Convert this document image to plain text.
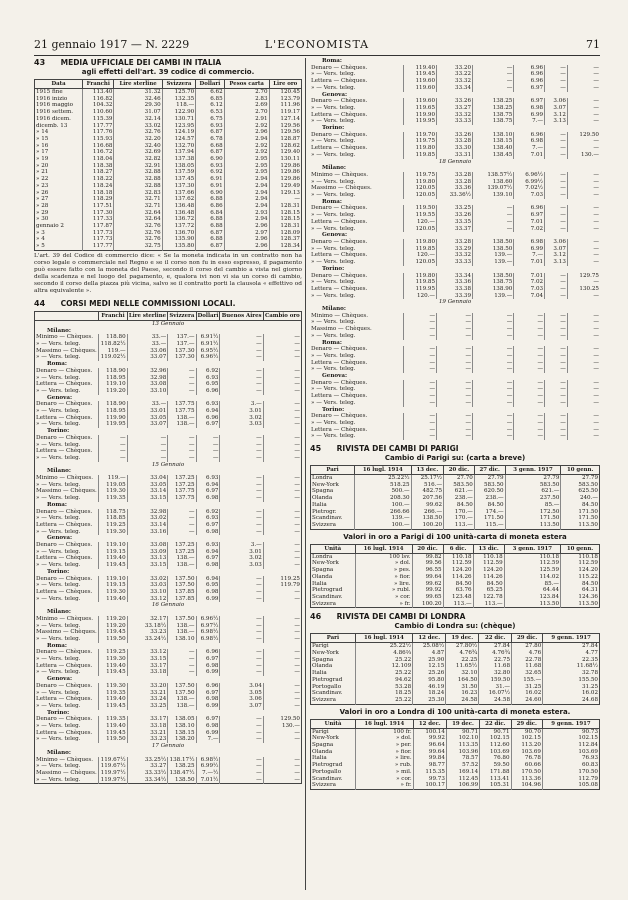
21 gennaio 1917 — N. 2229	L'ECONOMISTA	71
43 MEDIA UFFICIALE DEI CAMBI IN ITALIA
agli effetti dell'art. 39 codice di commercio.
Data	Franchi	Lire sterline	Svizzera	Dollari	Pesos carta	Lire oro
1915 fine	113.40	31.32	125.70	6.62	2.70	120.45
1916 inizio	116.82	32.46	132.35	6.85	2.83	123.79
1916 maggio	104.32	29.30	118.—	6.12	2.69	111.96
1916 settem.	110.60	31.07	122.90	6.53	2.70	119.17
1916 dicem.	115.39	32.14	130.71	6.75	2.91	127.14
dicemb. 13	117.77	33.02	123.95	6.93	2.92	129.56
» 14	117.76	32.76	124.19	6.87	2.96	129.56
» 15	115.93	32.20	124.57	6.78	2.94	128.87
» 16	116.68	32.40	132.70	6.68	2.92	128.62
» 17	116.72	32.69	137.94	6.87	2.92	129.40
» 19	118.04	32.82	137.38	6.90	2.95	130.11
» 20	118.38	32.91	138.05	6.93	2.95	129.86
» 21	118.27	32.88	137.59	6.92	2.95	129.86
» 22	118.22	32.88	137.45	6.91	2.94	129.86
» 23	118.24	32.88	137.30	6.91	2.94	129.49
» 26	118.18	32.83	137.66	6.90	2.94	129.13
» 27	118.29	32.71	137.62	6.88	2.94	—
» 28	117.51	32.71	136.48	6.86	2.94	128.31
» 29	117.30	32.64	136.48	6.84	2.93	128.15
» 30	117.33	32.64	136.72	6.88	2.94	128.15
gennaio 2	117.87	32.76	137.72	6.88	2.96	128.31
» 3	117.73	32.76	136.70	6.87	2.97	128.09
» 4	117.73	32.76	135.90	6.88	2.96	128.37
» 5	117.77	32.75	135.80	6.87	2.96	128.34
L'art. 39 del Codice di commercio dice: « Se la moneta indicata in un contratto non ha corso legale o commerciale nel Regno e se il corso non fu in esso espresso, il pagamento può essere fatto con la moneta del Paese, secondo il corso del cambio a vista nel giorno della scadenza e nel luogo del pagamento, e, qualora ivi non vi sia un corso di cambio, secondo il corso della piazza più vicina, salvo se il contratto porti la clausola « effettivo od altra equivalente ».
44 CORSI MEDI NELLE COMMISSIONI LOCALI.
	Franchi	Lire sterline	Svizzera	Dollari	Buenos Aires	Cambio oro
13 Gennaio						
Milano:						
Minimo — Chèques.	118.80	33.—	137.—	6.91½	—	—
» — Vers. teleg.	118.82½	33.—	137.—	6.91½	—	—
Massimo — Chèques.	119.—	33.06	137.30	6.95½	—	—
» — Vers. teleg.	119.02½	33.07	137.30	6.96½	—	—
Roma:						
Denaro — Chèques.	118.90	32.96	—	6.92	—	—
» — Vers. teleg.	118.95	32.98	—	6.93	—	—
Lettera — Chèques.	119.10	33.08	—	6.95	—	—
» — Vers. teleg.	119.20	33.10	—	6.96	—	—
Genova:						
Denaro — Chèques.	118.90	33.—	137.75	6.93	3.—	—
» — Vers. teleg.	118.95	33.01	137.75	6.94	3.01	—
Lettera — Chèques.	119.90	33.05	138.—	6.96	3.02	—
» — Vers. teleg.	119.95	33.07	138.—	6.97	3.03	—
Torino:						
Denaro — Chèques.	—	—	—	—	—	—
» — Vers. teleg.	—	—	—	—	—	—
Lettera — Chèques.	—	—	—	—	—	—
» — Vers. teleg.	—	—	—	—	—	—
15 Gennaio						
Milano:						
Minimo — Chèques.	119.—	33.04	137.25	6.93	—	—
» — Vers. teleg.	119.05	33.05	137.25	6.94	—	—
Massimo — Chèques.	119.30	33.14	137.75	6.97	—	—
» — Vers. teleg.	119.35	33.15	137.75	6.98	—	—
Roma:						
Denaro — Chèques.	118.75	32.98	—	6.92	—	—
» — Vers. teleg.	118.85	33.02	—	6.93	—	—
Lettera — Chèques.	119.25	33.14	—	6.97	—	—
» — Vers. teleg.	119.30	33.16	—	6.98	—	—
Genova:						
Denaro — Chèques.	119.10	33.08	137.25	6.93	3.—	—
» — Vers. teleg.	119.15	33.09	137.25	6.94	3.01	—
Lettera — Chèques.	119.40	33.13	138.—	6.97	3.02	—
» — Vers. teleg.	119.45	33.15	138.—	6.98	3.03	—
Torino:						
Denaro — Chèques.	119.10	33.02	137.50	6.94	—	119.25
» — Vers. teleg.	119.15	33.03	137.50	6.95	—	119.79
Lettera — Chèques.	119.30	33.10	137.85	6.98	—	—
» — Vers. teleg.	119.40	33.12	137.85	6.99	—	—
16 Gennaio						
Milano:						
Minimo — Chèques.	119.20	32.17	137.50	6.96½	—	—
» — Vers. teleg.	119.20	33.18½	138.—	6.97½	—	—
Massimo — Chèques.	119.45	33.23	138.—	6.98½	—	—
» — Vers. teleg.	119.50	33.24½	138.10	6.98½	—	—
Roma:						
Denaro — Chèques.	119.25	33.12	—	6.96	—	—
» — Vers. teleg.	119.30	33.15	—	6.97	—	—
Lettera — Chèques.	119.40	33.17	—	6.98	—	—
» — Vers. teleg.	119.45	33.18	—	6.99	—	—
Genova:						
Denaro — Chèques.	119.30	33.20	137.50	6.96	3.04	—
» — Vers. teleg.	119.35	33.21	137.50	6.97	3.05	—
Lettera — Chèques.	119.40	33.24	138.—	6.98	3.06	—
» — Vers. teleg.	119.45	33.25	138.—	6.99	3.07	—
Torino:						
Denaro — Chèques.	119.35	33.17	138.05	6.97	—	129.50
» — Vers. teleg.	119.40	33.18	138.10	6.98	—	130.—
Lettera — Chèques.	119.45	33.21	138.15	6.99	—	—
» — Vers. teleg.	119.50	33.23	138.20	7.—	—	—
17 Gennaio						
Milano:						
Minimo — Chèques.	119.67½	33.25½	138.17½	6.98½	—	—
» — Vers. teleg.	119.67½	33.27	138.25	6.99½	—	—
Massimo — Chèques.	119.97½	33.33½	138.47½	7.—½	—	—
» — Vers. teleg.	119.97½	33.34½	138.50	7.01½	—	—
Roma:						
Denaro — Chèques.	119.40	33.20	—	6.96	—	—
» — Vers. teleg.	119.45	33.22	—	6.96	—	—
Lettera — Chèques.	119.60	33.32	—	6.96	—	—
» — Vers. teleg.	119.60	33.34	—	6.97	—	—
Genova:						
Denaro — Chèques.	119.60	33.26	138.25	6.97	3.06	—
» — Vers. teleg.	119.65	33.27	138.25	6.98	3.07	—
Lettera — Chèques.	119.90	33.32	138.75	6.99	3.12	—
» — Vers. teleg.	119.95	33.33	138.75	7.—	3.13	—
Torino:						
Denaro — Chèques.	119.70	33.26	138.10	6.96	—	129.50
» — Vers. teleg.	119.75	33.28	138.15	6.98	—	—
Lettera — Chèques.	119.80	33.30	138.40	7.—	—	—
» — Vers. teleg.	119.85	33.31	138.45	7.01	—	130.—
18 Gennaio						
Milano:						
Minimo — Chèques.	119.75	33.28	138.57½	6.96½	—	—
» — Vers. teleg.	119.80	33.28	138.60	6.99½	—	—
Massimo — Chèques.	120.05	33.36	139.07½	7.02½	—	—
» — Vers. teleg.	120.05	33.36½	139.10	7.03	—	—
Roma:						
Denaro — Chèques.	119.50	33.25	—	6.96	—	—
» — Vers. teleg.	119.55	33.26	—	6.97	—	—
Lettera — Chèques.	120.—	33.35	—	7.01	—	—
» — Vers. teleg.	120.05	33.37	—	7.02	—	—
Genova:						
Denaro — Chèques.	119.80	33.28	138.50	6.98	3.06	—
» — Vers. teleg.	119.85	33.29	138.50	6.99	3.07	—
Lettera — Chèques.	120.—	33.32	139.—	7.—	3.12	—
» — Vers. teleg.	120.05	33.33	139.—	7.01	3.13	—
Torino:						
Denaro — Chèques.	119.80	33.34	138.50	7.01	—	129.75
» — Vers. teleg.	119.85	33.36	138.75	7.02	—	—
Lettera — Chèques.	119.95	33.38	138.90	7.03	—	130.25
» — Vers. teleg.	120.—	33.39	139.—	7.04	—	—
19 Gennaio						
Milano:						
Minimo — Chèques.	—	—	—	—	—	—
» — Vers. teleg.	—	—	—	—	—	—
Massimo — Chèques.	—	—	—	—	—	—
» — Vers. teleg.	—	—	—	—	—	—
Roma:						
Denaro — Chèques.	—	—	—	—	—	—
» — Vers. teleg.	—	—	—	—	—	—
Lettera — Chèques.	—	—	—	—	—	—
» — Vers. teleg.	—	—	—	—	—	—
Genova:						
Denaro — Chèques.	—	—	—	—	—	—
» — Vers. teleg.	—	—	—	—	—	—
Lettera — Chèques.	—	—	—	—	—	—
» — Vers. teleg.	—	—	—	—	—	—
Torino:						
Denaro — Chèques.	—	—	—	—	—	—
» — Vers. teleg.	—	—	—	—	—	—
Lettera — Chèques.	—	—	—	—	—	—
» — Vers. teleg.	—	—	—	—	—	—
45 RIVISTA DEI CAMBI DI PARIGI
Cambio di Parigi su: (carta a breve)
Pari	16 lugl. 1914	13 dec.	20 dic.	27 dic.	3 genn. 1917	10 genn.
Londra	25.22½	25.17½	27.70	27.79	27.79	27.79
New-York	518.25	516.—	583.50	583.50	583.50	583.50
Spagna	500.—	482.75	621.—	620.50	621.—	625.50
Olanda	208.30	207.56	238.—	238.—	237.50	240.—
Italia	100.—	99.62	84.50	84.50	85.—	84.50
Pietrogr.	266.66	266.—	170.—	174.—	172.50	171.50
Scandinav.	139.—	138.50	170.—	171.50	171.50	171.50
Svizzera	100.—	100.20	113.—	115.—	113.50	113.50
Valori in oro a Parigi di 100 unità-carta di moneta estera
Unità	16 lugl. 1914	20 dic.	6 dic.	13 dic.	3 genn. 1917	10 genn.
Londra	100 lsv.	99.82	110.18	110.18	110.18	110.18
New-York	» dol.	99.56	112.59	112.59	112.59	112.59
Spagna	» pes.	96.55	124.20	124.20	125.59	124.20
Olanda	» fior.	99.64	114.26	114.26	114.02	115.22
Italia	» lire.	99.62	84.50	84.50	85.—	84.50
Pietrograd	» rubl.	99.92	63.76	65.25	64.44	64.31
Scandinav.	» cor.	99.65	123.48	122.78	123.84	124.36
Svizzera	» fr.	100.20	113.—	113.—	113.50	113.50
46 RIVISTA DEI CAMBI DI LONDRA
Cambio di Londra su: (chèque)
Pari	16 lugl. 1914	12 dec.	19 dec.	22 dic.	29 dic.	9 genn. 1917
Parigi	25.22½	25.08½	27.80½	27.84	27.80	27.84
New-York	4.86⅔	4.87	4.76¾	4.76¾	4.76	4.77
Spagna	25.22	25.90	22.25	22.75	22.78	22.35
Olanda	12.109	12.15	11.65½	11.68	11.68	11.68½
Italia	25.22	25.26	32.10	32.80	32.65	32.78
Pietrograd	94.62	95.80	164.50	159.50	155.—	155.50
Portogallo	53.28	46.19	31.50	31.—	31.25	31.25
Scandinav.	18.25	18.24	16.23	16.07½	16.02	16.02
Svizzera	25.22	25.30	24.58	24.58	24.60	24.68
Valori in oro a Londra di 100 unità-carta di moneta estera.
Unità	16 lugl. 1914	12 dec.	19 dec.	22 dic.	29 dic.	9 genn. 1917
Parigi	100 fr.	100.14	90.71	90.71	90.70	90.73
New-York	» dol.	99.92	102.10	102.15	102.15	102.15
Spagna	» per.	96.64	113.35	112.60	113.20	112.84
Olanda	» fior.	99.64	103.96	103.69	103.69	103.69
Italia	» lire.	99.84	78.57	76.80	76.78	76.93
Pietrograd	» rub.	98.77	57.52	59.50	60.66	60.83
Portogallo	» mil.	115.35	169.14	171.88	170.50	170.50
Scandinav.	» cor.	99.73	112.45	113.41	113.36	112.79
Svizzera	» fr.	100.17	106.99	105.31	104.96	105.08
